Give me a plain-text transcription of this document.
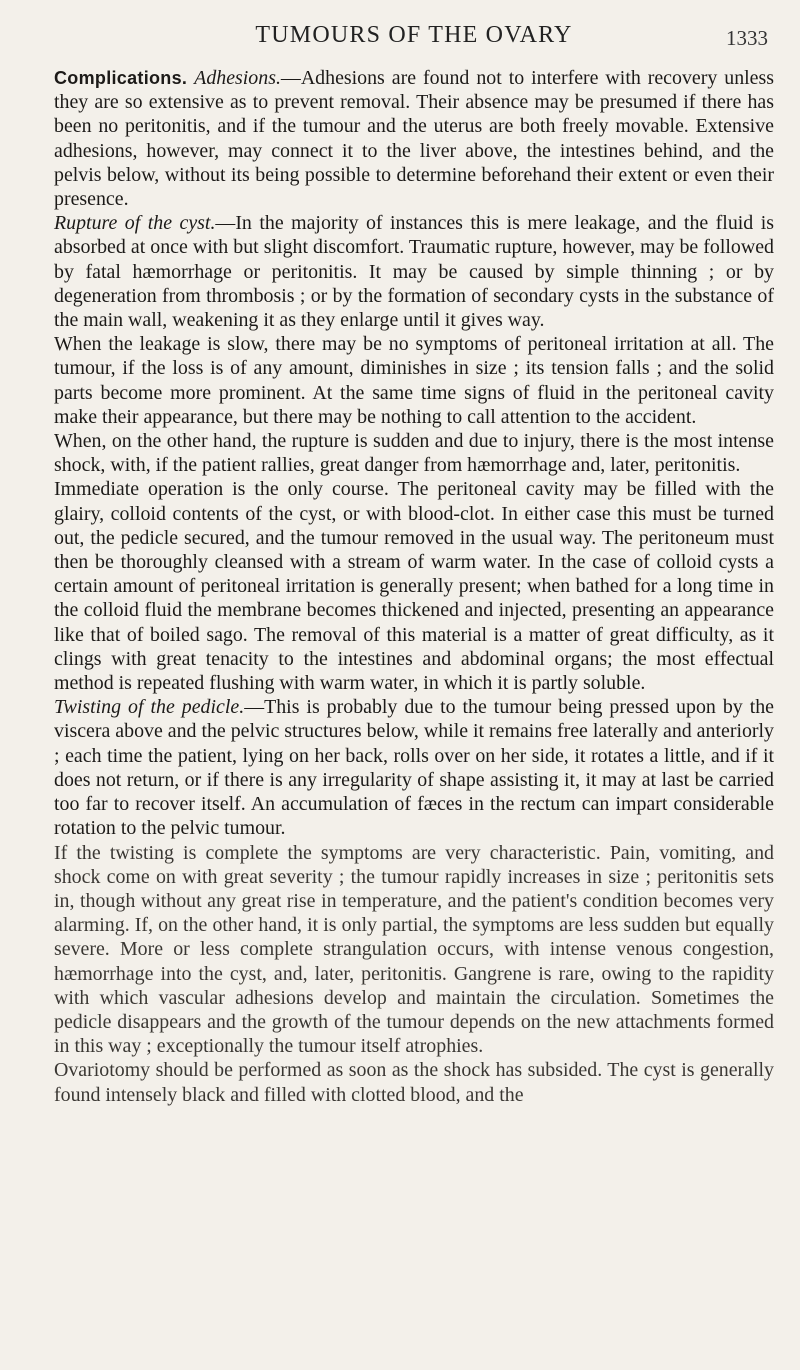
TUMOURS OF THE OVARY	1333

Complications. Adhesions.—Adhesions are found not to interfere with recovery unless they are so extensive as to prevent removal. Their absence may be presumed if there has been no peritonitis, and if the tumour and the uterus are both freely movable. Extensive adhesions, however, may connect it to the liver above, the intestines behind, and the pelvis below, without its being possible to determine beforehand their extent or even their presence.

Rupture of the cyst.—In the majority of instances this is mere leakage, and the fluid is absorbed at once with but slight discomfort. Traumatic rupture, however, may be followed by fatal hæmorrhage or peritonitis. It may be caused by simple thinning ; or by degeneration from thrombosis ; or by the formation of secondary cysts in the substance of the main wall, weakening it as they enlarge until it gives way.

When the leakage is slow, there may be no symptoms of peritoneal irritation at all. The tumour, if the loss is of any amount, diminishes in size ; its tension falls ; and the solid parts become more prominent. At the same time signs of fluid in the peritoneal cavity make their appearance, but there may be nothing to call attention to the accident.

When, on the other hand, the rupture is sudden and due to injury, there is the most intense shock, with, if the patient rallies, great danger from hæmorrhage and, later, peritonitis.

Immediate operation is the only course. The peritoneal cavity may be filled with the glairy, colloid contents of the cyst, or with blood-clot. In either case this must be turned out, the pedicle secured, and the tumour removed in the usual way. The peritoneum must then be thoroughly cleansed with a stream of warm water. In the case of colloid cysts a certain amount of peritoneal irritation is generally present; when bathed for a long time in the colloid fluid the membrane becomes thickened and injected, presenting an appearance like that of boiled sago. The removal of this material is a matter of great difficulty, as it clings with great tenacity to the intestines and abdominal organs; the most effectual method is repeated flushing with warm water, in which it is partly soluble.

Twisting of the pedicle.—This is probably due to the tumour being pressed upon by the viscera above and the pelvic structures below, while it remains free laterally and anteriorly ; each time the patient, lying on her back, rolls over on her side, it rotates a little, and if it does not return, or if there is any irregularity of shape assisting it, it may at last be carried too far to recover itself. An accumulation of fæces in the rectum can impart considerable rotation to the pelvic tumour.

If the twisting is complete the symptoms are very characteristic. Pain, vomiting, and shock come on with great severity ; the tumour rapidly increases in size ; peritonitis sets in, though without any great rise in temperature, and the patient's condition becomes very alarming. If, on the other hand, it is only partial, the symptoms are less sudden but equally severe. More or less complete strangulation occurs, with intense venous congestion, hæmorrhage into the cyst, and, later, peritonitis. Gangrene is rare, owing to the rapidity with which vascular adhesions develop and maintain the circulation. Sometimes the pedicle disappears and the growth of the tumour depends on the new attachments formed in this way ; exceptionally the tumour itself atrophies.

Ovariotomy should be performed as soon as the shock has subsided. The cyst is generally found intensely black and filled with clotted blood, and the
